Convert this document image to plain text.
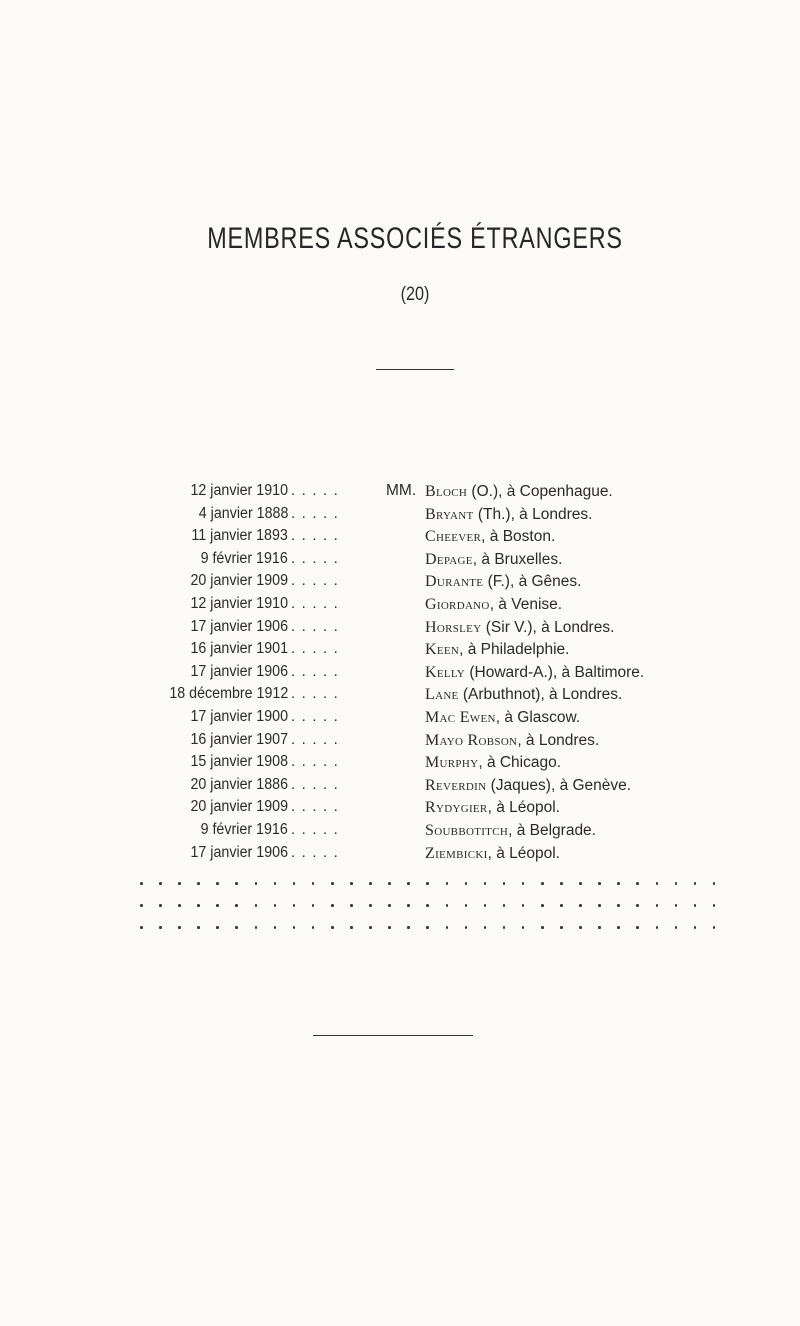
MEMBRES ASSOCIÉS ÉTRANGERS
(20)
12 janvier 1910 .....	MM. Bloch (O.), à Copenhague.
4 janvier 1888 .....	Bryant (Th.), à Londres.
11 janvier 1893 .....	Cheever, à Boston.
9 février 1916 .....	Depage, à Bruxelles.
20 janvier 1909 .....	Durante (F.), à Gênes.
12 janvier 1910 .....	Giordano, à Venise.
17 janvier 1906 .....	Horsley (Sir V.), à Londres.
16 janvier 1901 .....	Keen, à Philadelphie.
17 janvier 1906 .....	Kelly (Howard-A.), à Baltimore.
18 décembre 1912 .....	Lane (Arbuthnot), à Londres.
17 janvier 1900 .....	Mac Ewen, à Glascow.
16 janvier 1907 .....	Mayo Robson, à Londres.
15 janvier 1908 .....	Murphy, à Chicago.
20 janvier 1886 .....	Reverdin (Jaques), à Genève.
20 janvier 1909 .....	Rydygier, à Léopol.
9 février 1916 .....	Soubbotitch, à Belgrade.
17 janvier 1906 .....	Ziembicki, à Léopol.
